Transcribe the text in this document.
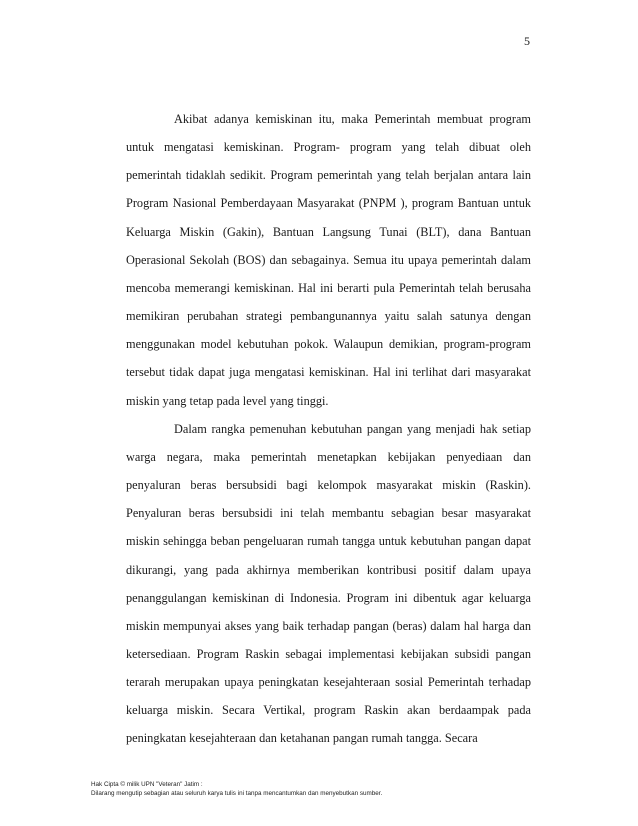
5

Akibat adanya kemiskinan itu, maka Pemerintah membuat program untuk mengatasi kemiskinan. Program- program yang telah dibuat oleh pemerintah tidaklah sedikit. Program pemerintah yang telah berjalan antara lain Program Nasional Pemberdayaan Masyarakat (PNPM ), program Bantuan untuk Keluarga Miskin (Gakin), Bantuan Langsung Tunai (BLT), dana Bantuan Operasional Sekolah (BOS) dan sebagainya. Semua itu upaya pemerintah dalam mencoba memerangi kemiskinan. Hal ini berarti pula Pemerintah telah berusaha memikiran perubahan strategi pembangunannya yaitu salah satunya dengan menggunakan model kebutuhan pokok. Walaupun demikian, program-program tersebut tidak dapat juga mengatasi kemiskinan. Hal ini terlihat dari masyarakat miskin yang tetap pada level yang tinggi.

Dalam rangka pemenuhan kebutuhan pangan yang menjadi hak setiap warga negara, maka pemerintah menetapkan kebijakan penyediaan dan penyaluran beras bersubsidi bagi kelompok masyarakat miskin (Raskin). Penyaluran beras bersubsidi ini telah membantu sebagian besar masyarakat miskin sehingga beban pengeluaran rumah tangga untuk kebutuhan pangan dapat dikurangi, yang pada akhirnya memberikan kontribusi positif dalam upaya penanggulangan kemiskinan di Indonesia. Program ini dibentuk agar keluarga miskin mempunyai akses yang baik terhadap pangan (beras) dalam hal harga dan ketersediaan. Program Raskin sebagai implementasi kebijakan subsidi pangan terarah merupakan upaya peningkatan kesejahteraan sosial Pemerintah terhadap keluarga miskin. Secara Vertikal, program Raskin akan berdaampak pada peningkatan kesejahteraan dan ketahanan pangan rumah tangga. Secara

Hak Cipta © milik UPN "Veteran" Jatim :
Dilarang mengutip sebagian atau seluruh karya tulis ini tanpa mencantumkan dan menyebutkan sumber.
